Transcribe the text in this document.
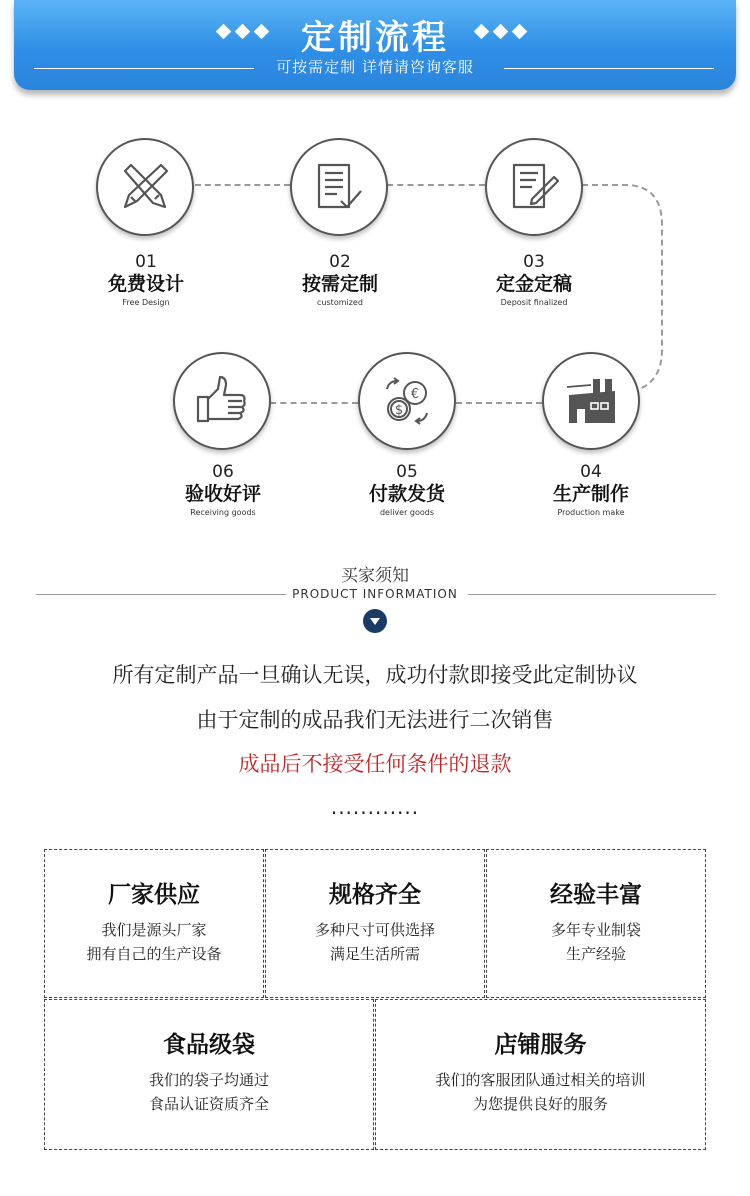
定制流程
可按需定制 详情请咨询客服
€
$
01
免费设计
Free Design
02
按需定制
customized
03
定金定稿
Deposit finalized
04
生产制作
Production make
05
付款发货
deliver goods
06
验收好评
Receiving goods
买家须知
PRODUCT INFORMATION
所有定制产品一旦确认无误，成功付款即接受此定制协议
由于定制的成品我们无法进行二次销售
成品后不接受任何条件的退款
............
厂家供应
我们是源头厂家
拥有自己的生产设备
规格齐全
多种尺寸可供选择
满足生活所需
经验丰富
多年专业制袋
生产经验
食品级袋
我们的袋子均通过
食品认证资质齐全
店铺服务
我们的客服团队通过相关的培训
为您提供良好的服务
